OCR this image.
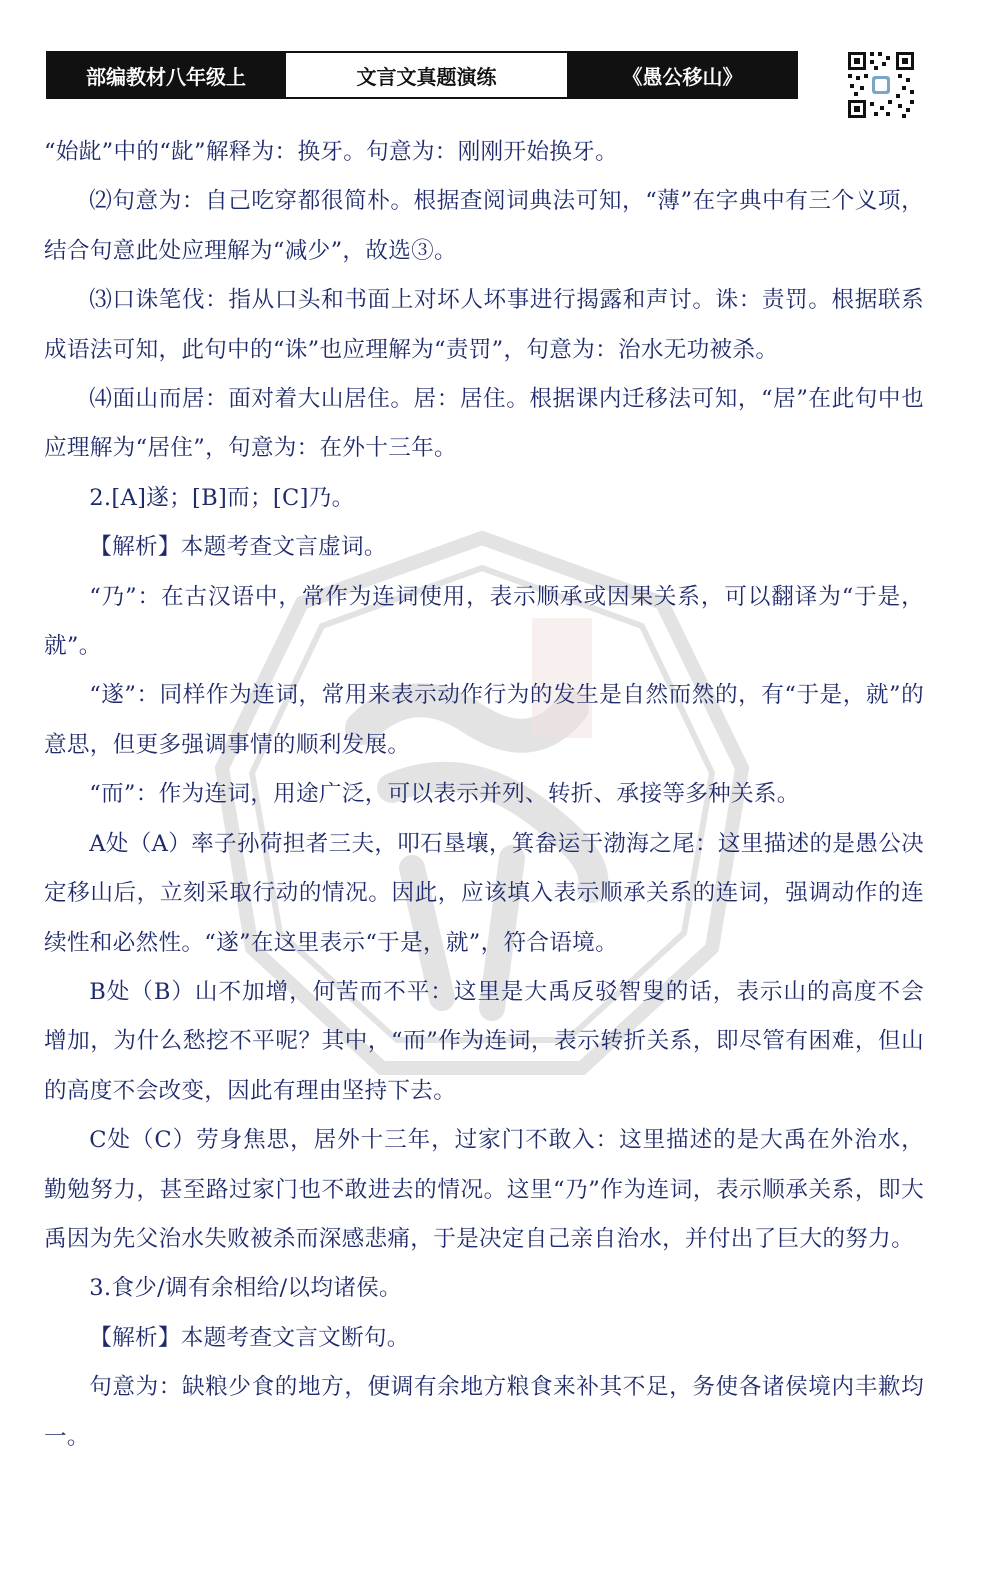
部编教材八年级上	文言文真题演练	《愚公移山》

“始龀”中的“龀”解释为：换牙。句意为：刚刚开始换牙。

⑵句意为：自己吃穿都很简朴。根据查阅词典法可知，“薄”在字典中有三个义项，结合句意此处应理解为“减少”，故选③。

⑶口诛笔伐：指从口头和书面上对坏人坏事进行揭露和声讨。诛：责罚。根据联系成语法可知，此句中的“诛”也应理解为“责罚”，句意为：治水无功被杀。

⑷面山而居：面对着大山居住。居：居住。根据课内迁移法可知，“居”在此句中也应理解为“居住”，句意为：在外十三年。

2.[A]遂；[B]而；[C]乃。

【解析】本题考查文言虚词。

“乃”：在古汉语中，常作为连词使用，表示顺承或因果关系，可以翻译为“于是，就”。

“遂”：同样作为连词，常用来表示动作行为的发生是自然而然的，有“于是，就”的意思，但更多强调事情的顺利发展。

“而”：作为连词，用途广泛，可以表示并列、转折、承接等多种关系。

A处（A）率子孙荷担者三夫，叩石垦壤，箕畚运于渤海之尾：这里描述的是愚公决定移山后，立刻采取行动的情况。因此，应该填入表示顺承关系的连词，强调动作的连续性和必然性。“遂”在这里表示“于是，就”，符合语境。

B处（B）山不加增，何苦而不平：这里是大禹反驳智叟的话，表示山的高度不会增加，为什么愁挖不平呢？其中，“而”作为连词，表示转折关系，即尽管有困难，但山的高度不会改变，因此有理由坚持下去。

C处（C）劳身焦思，居外十三年，过家门不敢入：这里描述的是大禹在外治水，勤勉努力，甚至路过家门也不敢进去的情况。这里“乃”作为连词，表示顺承关系，即大禹因为先父治水失败被杀而深感悲痛，于是决定自己亲自治水，并付出了巨大的努力。

3.食少/调有余相给/以均诸侯。

【解析】本题考查文言文断句。

句意为：缺粮少食的地方，便调有余地方粮食来补其不足，务使各诸侯境内丰歉均一。
